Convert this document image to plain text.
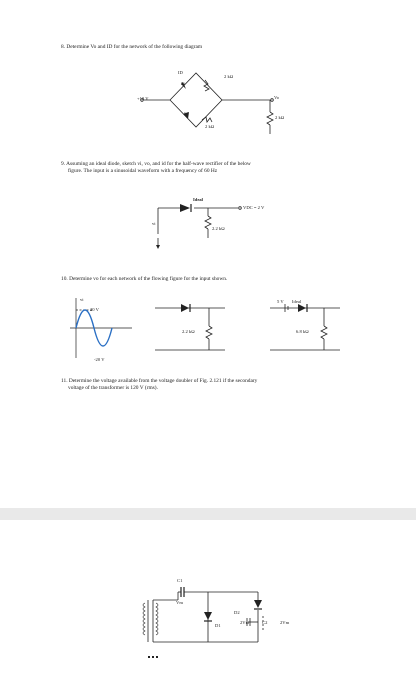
8. Determine Vo and ID for the network of the following diagram
+10 V
ID
Si
Si
2 kΩ
2 kΩ
2 kΩ
Vo
9. Assuming an ideal diode, sketch vi, vo, and id for the half-wave rectifier of the below
figure. The input is a sinusoidal waveform with a frequency of 60 Hz
Ideal
VDC = 2 V
2.2 kΩ
vi
10. Determine vo for each network of the flowing figure for the input shown.
20 V
-20 V
vi
2.2 kΩ
5 V Ideal
6.8 kΩ
11. Determine the voltage available from the voltage doubler of Fig. 2.121 if the secondary
voltage of the transformer is 120 V (rms).
C1
Vm
D1
D2
2Vm	C2	2Vm
